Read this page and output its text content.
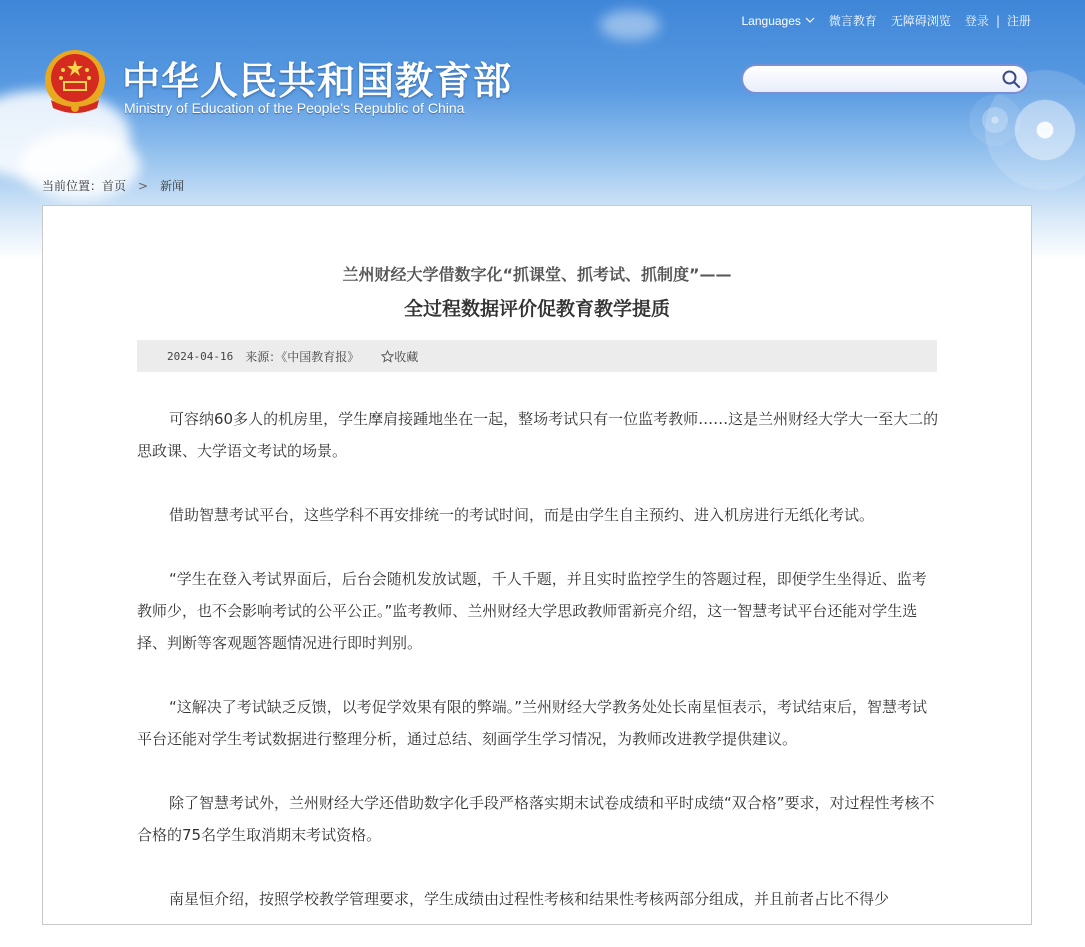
Languages 微言教育 无障碍浏览 登录 | 注册
中华人民共和国教育部
Ministry of Education of the People's Republic of China
当前位置： 首页 > 新闻
兰州财经大学借数字化“抓课堂、抓考试、抓制度”——
全过程数据评价促教育教学提质
2024-04-16 来源：《中国教育报》	收藏

可容纳60多人的机房里，学生摩肩接踵地坐在一起，整场考试只有一位监考教师……这是兰州财经大学大一至大二的思政课、大学语文考试的场景。

借助智慧考试平台，这些学科不再安排统一的考试时间，而是由学生自主预约、进入机房进行无纸化考试。

“学生在登入考试界面后，后台会随机发放试题，千人千题，并且实时监控学生的答题过程，即便学生坐得近、监考教师少，也不会影响考试的公平公正。”监考教师、兰州财经大学思政教师雷新亮介绍，这一智慧考试平台还能对学生选择、判断等客观题答题情况进行即时判别。

“这解决了考试缺乏反馈，以考促学效果有限的弊端。”兰州财经大学教务处处长南星恒表示，考试结束后，智慧考试平台还能对学生考试数据进行整理分析，通过总结、刻画学生学习情况，为教师改进教学提供建议。

除了智慧考试外，兰州财经大学还借助数字化手段严格落实期末试卷成绩和平时成绩“双合格”要求，对过程性考核不合格的75名学生取消期末考试资格。

南星恒介绍，按照学校教学管理要求，学生成绩由过程性考核和结果性考核两部分组成，并且前者占比不得少
